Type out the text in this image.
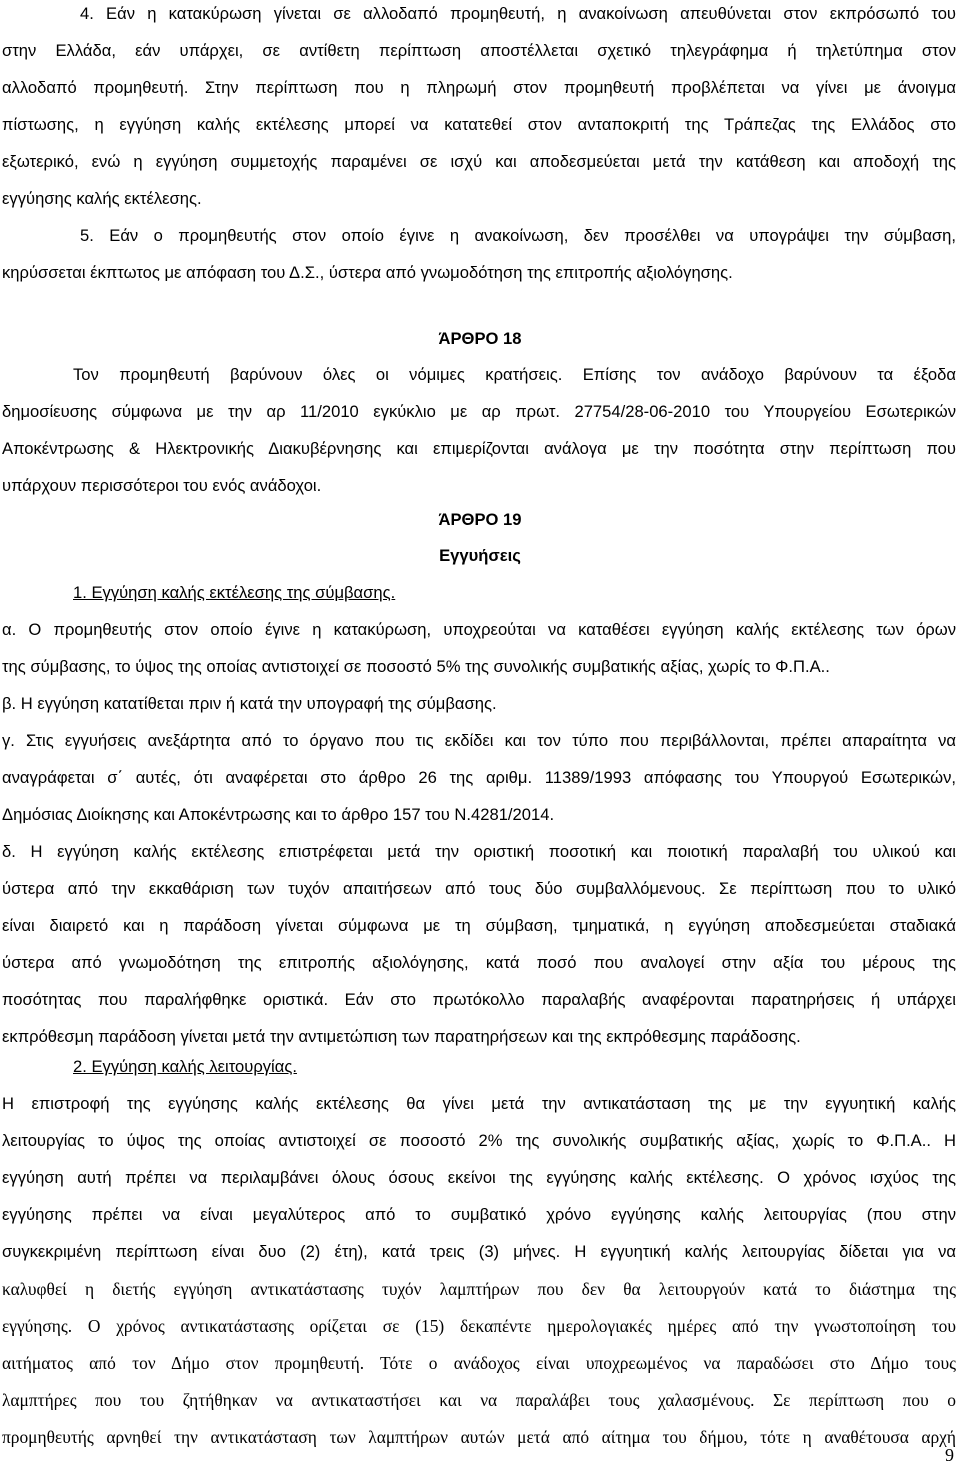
4. Εάν η κατακύρωση γίνεται σε αλλοδαπό προμηθευτή, η ανακοίνωση απευθύνεται στον εκπρόσωπό του
στην Ελλάδα, εάν υπάρχει, σε αντίθετη περίπτωση αποστέλλεται σχετικό τηλεγράφημα ή τηλετύπημα στον
αλλοδαπό προμηθευτή. Στην περίπτωση που η πληρωμή στον προμηθευτή προβλέπεται να γίνει με άνοιγμα
πίστωσης, η εγγύηση καλής εκτέλεσης μπορεί να κατατεθεί στον ανταποκριτή της Τράπεζας της Ελλάδος στο
εξωτερικό, ενώ η εγγύηση συμμετοχής παραμένει σε ισχύ και αποδεσμεύεται μετά την κατάθεση και αποδοχή της
εγγύησης καλής εκτέλεσης.
5. Εάν ο προμηθευτής στον οποίο έγινε η ανακοίνωση, δεν προσέλθει να υπογράψει την σύμβαση,
κηρύσσεται έκπτωτος με απόφαση του Δ.Σ., ύστερα από γνωμοδότηση της επιτροπής αξιολόγησης.
ΆΡΘΡΟ 18
Τον προμηθευτή βαρύνουν όλες οι νόμιμες κρατήσεις. Επίσης τον ανάδοχο βαρύνουν τα έξοδα
δημοσίευσης σύμφωνα με την αρ 11/2010 εγκύκλιο με αρ πρωτ. 27754/28-06-2010 του Υπουργείου Εσωτερικών
Αποκέντρωσης & Ηλεκτρονικής Διακυβέρνησης και επιμερίζονται ανάλογα με την ποσότητα στην περίπτωση που
υπάρχουν περισσότεροι του ενός ανάδοχοι.
ΆΡΘΡΟ 19
Εγγυήσεις
1. Εγγύηση καλής εκτέλεσης της σύμβασης.
α. Ο προμηθευτής στον οποίο έγινε η κατακύρωση, υποχρεούται να καταθέσει εγγύηση καλής εκτέλεσης των όρων
της σύμβασης, το ύψος της οποίας αντιστοιχεί σε ποσοστό 5% της συνολικής συμβατικής αξίας, χωρίς το Φ.Π.Α..
β. Η εγγύηση κατατίθεται πριν ή κατά την υπογραφή της σύμβασης.
γ. Στις εγγυήσεις ανεξάρτητα από το όργανο που τις εκδίδει και τον τύπο που περιβάλλονται, πρέπει απαραίτητα να
αναγράφεται σ΄ αυτές, ότι αναφέρεται στο άρθρο 26 της αριθμ. 11389/1993 απόφασης του Υπουργού Εσωτερικών,
Δημόσιας Διοίκησης και Αποκέντρωσης και το άρθρο 157 του Ν.4281/2014.
δ. Η εγγύηση καλής εκτέλεσης επιστρέφεται μετά την οριστική ποσοτική και ποιοτική παραλαβή του υλικού και
ύστερα από την εκκαθάριση των τυχόν απαιτήσεων από τους δύο συμβαλλόμενους. Σε περίπτωση που το υλικό
είναι διαιρετό και η παράδοση γίνεται σύμφωνα με τη σύμβαση, τμηματικά, η εγγύηση αποδεσμεύεται σταδιακά
ύστερα από γνωμοδότηση της επιτροπής αξιολόγησης, κατά ποσό που αναλογεί στην αξία του μέρους της
ποσότητας που παραλήφθηκε οριστικά. Εάν στο πρωτόκολλο παραλαβής αναφέρονται παρατηρήσεις ή υπάρχει
εκπρόθεσμη παράδοση γίνεται μετά την αντιμετώπιση των παρατηρήσεων και της εκπρόθεσμης παράδοσης.
2. Εγγύηση καλής λειτουργίας.
Η επιστροφή της εγγύησης καλής εκτέλεσης θα γίνει μετά την αντικατάσταση της με την εγγυητική καλής
λειτουργίας το ύψος της οποίας αντιστοιχεί σε ποσοστό 2% της συνολικής συμβατικής αξίας, χωρίς το Φ.Π.Α.. Η
εγγύηση αυτή πρέπει να περιλαμβάνει όλους όσους εκείνοι της εγγύησης καλής εκτέλεσης. Ο χρόνος ισχύος της
εγγύησης πρέπει να είναι μεγαλύτερος από το συμβατικό χρόνο εγγύησης καλής λειτουργίας (που στην
συγκεκριμένη περίπτωση είναι δυο (2) έτη), κατά τρεις (3) μήνες. Η εγγυητική καλής λειτουργίας δίδεται για να
καλυφθεί η διετής εγγύηση αντικατάστασης τυχόν λαμπτήρων που δεν θα λειτουργούν κατά το διάστημα της
εγγύησης. Ο χρόνος αντικατάστασης ορίζεται σε (15) δεκαπέντε ημερολογιακές ημέρες από την γνωστοποίηση του
αιτήματος από τον Δήμο στον προμηθευτή. Τότε ο ανάδοχος είναι υποχρεωμένος να παραδώσει στο Δήμο τους
λαμπτήρες που του ζητήθηκαν να αντικαταστήσει και να παραλάβει τους χαλασμένους. Σε περίπτωση που ο
προμηθευτής αρνηθεί την αντικατάσταση των λαμπτήρων αυτών μετά από αίτημα του δήμου, τότε η αναθέτουσα αρχή
9
